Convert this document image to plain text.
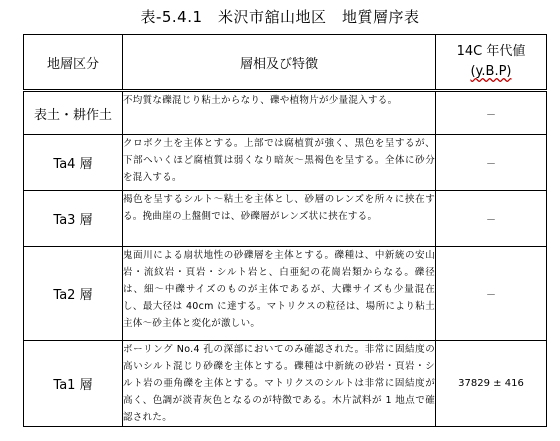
表-5.4.1　米沢市舘山地区　地質層序表
地層区分	層相及び特徴	14C 年代値
(y.B.P)

表土・耕作土	不均質な礫混じり粘土からなり、礫や植物片が少量混入する。	－
Ta4 層	クロボク土を主体とする。上部では腐植質が強く、黒色を呈するが、下部へいくほど腐植質は弱くなり暗灰～黒褐色を呈する。全体に砂分を混入する。	－
Ta3 層	褐色を呈するシルト～粘土を主体とし、砂層のレンズを所々に挟在する。挽曲崖の上盤側では、砂礫層がレンズ状に挟在する。	－
Ta2 層	鬼面川による扇状地性の砂礫層を主体とする。礫種は、中新統の安山岩・流紋岩・頁岩・シルト岩と、白亜紀の花崗岩類からなる。礫径は、細～中礫サイズのものが主体であるが、大礫サイズも少量混在し、最大径は 40cm に達する。マトリクスの粒径は、場所により粘土主体～砂主体と変化が激しい。	－
Ta1 層	ボーリング No.4 孔の深部においてのみ確認された。非常に固結度の高いシルト混じり砂礫を主体とする。礫種は中新統の砂岩・頁岩・シルト岩の亜角礫を主体とする。マトリクスのシルトは非常に固結度が高く、色調が淡青灰色となるのが特徴である。木片試料が 1 地点で確認された。	37829 ± 416
